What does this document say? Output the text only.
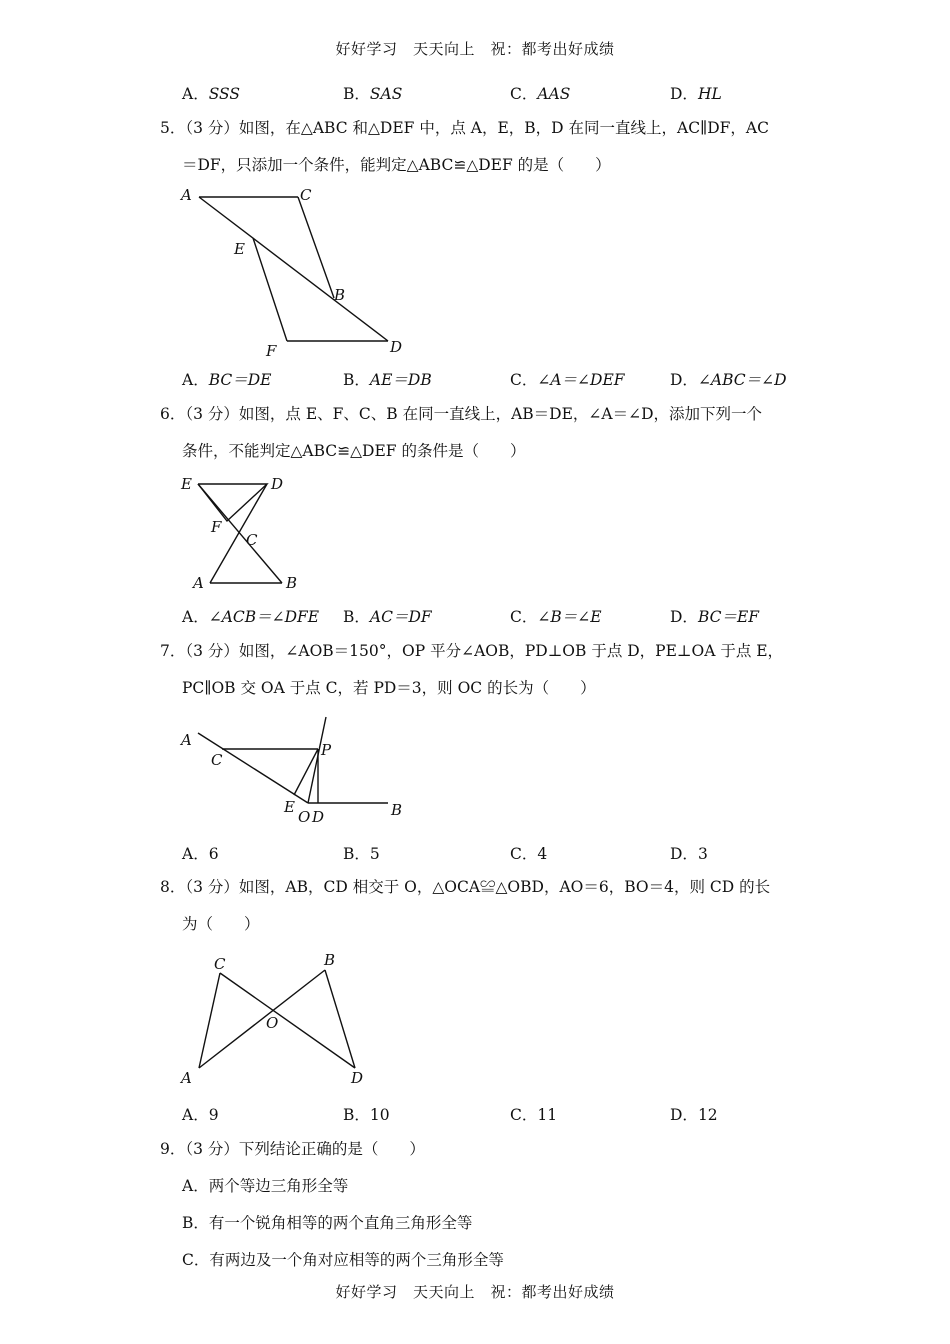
好好学习　天天向上　祝：都考出好成绩
A．SSS	B．SAS	C．AAS	D．HL
5．（3 分）如图，在△ABC 和△DEF 中，点 A，E，B，D 在同一直线上，AC∥DF，AC
＝DF，只添加一个条件，能判定△ABC≌△DEF 的是（　　）
A	C
E
B
F	D
A．BC＝DE	B．AE＝DB	C．∠A＝∠DEF	D．∠ABC＝∠D
6．（3 分）如图，点 E、F、C、B 在同一直线上，AB＝DE，∠A＝∠D，添加下列一个
条件，不能判定△ABC≌△DEF 的条件是（　　）
E	D
F
C
A	B
A．∠ACB＝∠DFE B．AC＝DF	C．∠B＝∠E	D．BC＝EF
7．（3 分）如图，∠AOB＝150°，OP 平分∠AOB，PD⊥OB 于点 D，PE⊥OA 于点 E，
PC∥OB 交 OA 于点 C，若 PD＝3，则 OC 的长为（　　）
A
C
P
E
O D	B
A．6	B．5	C．4	D．3
8．（3 分）如图，AB，CD 相交于 O，△OCA≌△OBD，AO＝6，BO＝4，则 CD 的长
为（　　）
C	B
O
A	D
A．9	B．10	C．11	D．12
9．（3 分）下列结论正确的是（　　）
A．两个等边三角形全等
B．有一个锐角相等的两个直角三角形全等
C．有两边及一个角对应相等的两个三角形全等
好好学习　天天向上　祝：都考出好成绩
